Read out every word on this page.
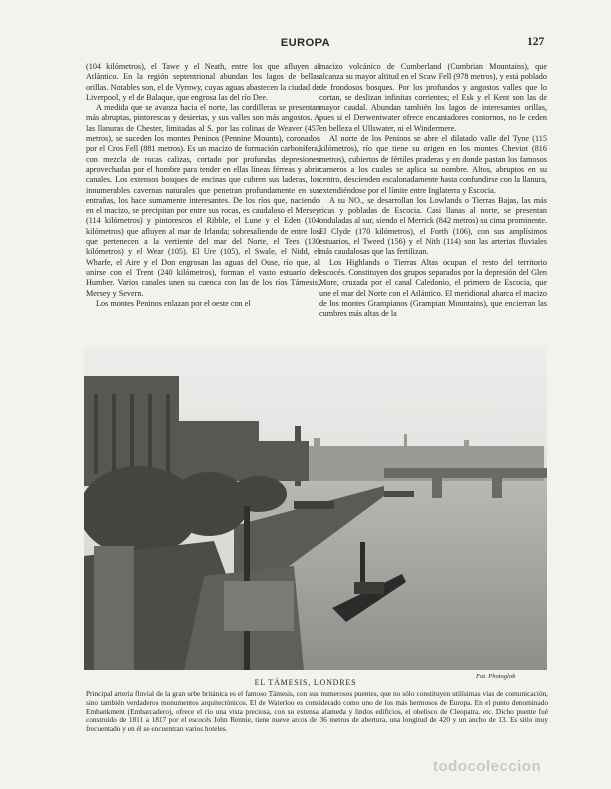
EUROPA	127

(104 kilómetros), el Tawe y el Neath, entre los que afluyen al Atlántico. En la región septentrional abundan los lagos de bellas orillas. Notables son, el de Vyrnwy, cuyas aguas abastecen la ciudad de Liverpool, y el de Balaque, que engrosa las del río Dee.

A medida que se avanza hacia el norte, las cordilleras se presentan más abruptas, pintorescas y desiertas, y sus valles son más angostos. A las llanuras de Chester, limitadas al S. por las colinas de Weaver (457 metros), se suceden los montes Peninos (Pennine Mounts), coronados por el Cros Fell (881 metros). Es un macizo de formación carbonífera, con mezcla de rocas calizas, cortado por profundas depresiones aprovechadas por el hombre para tender en ellas líneas férreas y abrir canales. Los extensos bosques de encinas que cubren sus laderas, los innumerables cavernas naturales que penetran profundamente en sus entrañas, los hace sumamente interesantes. De los ríos que, naciendo en el macizo, se precipitan por entre sus rocas, es caudaloso el Mersey (114 kilómetros) y pintorescos el Ribble, el Lune y el Eden (104 kilómetros) que afluyen al mar de Irlanda; sobresaliendo de entre los que pertenecen a la vertiente del mar del Norte, el Tees (130 kilómetros) y el Wear (105). El Ure (105), el Swale, el Nidd, el Wharfe, el Aire y el Don engrosan las aguas del Ouse, río que, al unirse con el Trent (240 kilómetros), forman el vasto estuario del Humber. Varios canales unen su cuenca con las de los ríos Támesis, Mersey y Severn.

Los montes Peninos enlazan por el oeste con el

macizo volcánico de Cumberland (Cumbrian Mountains), que alcanza su mayor altitud en el Scaw Fell (978 metros), y está poblado de frondosos bosques. Por los profundos y angostos valles que lo cortan, se deslizan infinitas corrientes; el Esk y el Kent son las de mayor caudal. Abundan también los lagos de interesantes orillas, pues si el Derwentwater ofrece encantadores contornos, no le ceden en belleza el Ullswater, ni el Windermere.

Al norte de los Peninos se abre el dilatado valle del Tyne (115 kilómetros), río que tiene su origen en los montes Cheviot (816 metros), cubiertos de fértiles praderas y en donde pastan los famosos carneros a los cuales se aplica su nombre. Altos, abruptos en su centro, descienden escalonadamente hasta confundirse con la llanura, extendiéndose por el límite entre Inglaterra y Escocia.

A su NO., se desarrollan los Lowlands o Tierras Bajas, las más ricas y pobladas de Escocia. Casi llanas al norte, se presentan onduladas al sur, siendo el Merrick (842 metros) su cima prominente. El Clyde (170 kilómetros), el Forth (106), con sus amplísimos estuarios, el Tweed (156) y el Nith (114) son las arterias fluviales más caudalosas que las fertilizan.

Los Highlands o Tierras Altas ocupan el resto del territorio escocés. Constituyen dos grupos separados por la depresión del Glen More, cruzada por el canal Caledonio, el primero de Escocia, que une el mar del Norte con el Atlántico. El meridional abarca el macizo de los montes Grampianos (Grampian Mountains), que encierran las cumbres más altas de la

Fot. Photoglob
EL TÁMESIS, LONDRES
Principal arteria fluvial de la gran urbe británica es el famoso Támesis, con sus numerosos puentes, que no sólo constituyen utilísimas vías de comunicación, sino también verdaderos monumentos arquitectónicos. El de Waterloo es considerado como uno de los más hermosos de Europa. En el punto denominado Embankment (Embarcadero), ofrece el río una vista preciosa, con su extensa alameda y lindos edificios, el obelisco de Cleopatra, etc. Dicho puente fué construído de 1811 a 1817 por el escocés John Rennie, tiene nueve arcos de 36 metros de abertura, una longitud de 420 y un ancho de 13. Es sitio muy frecuentado y en él se encuentran varios hoteles.
todocoleccion
